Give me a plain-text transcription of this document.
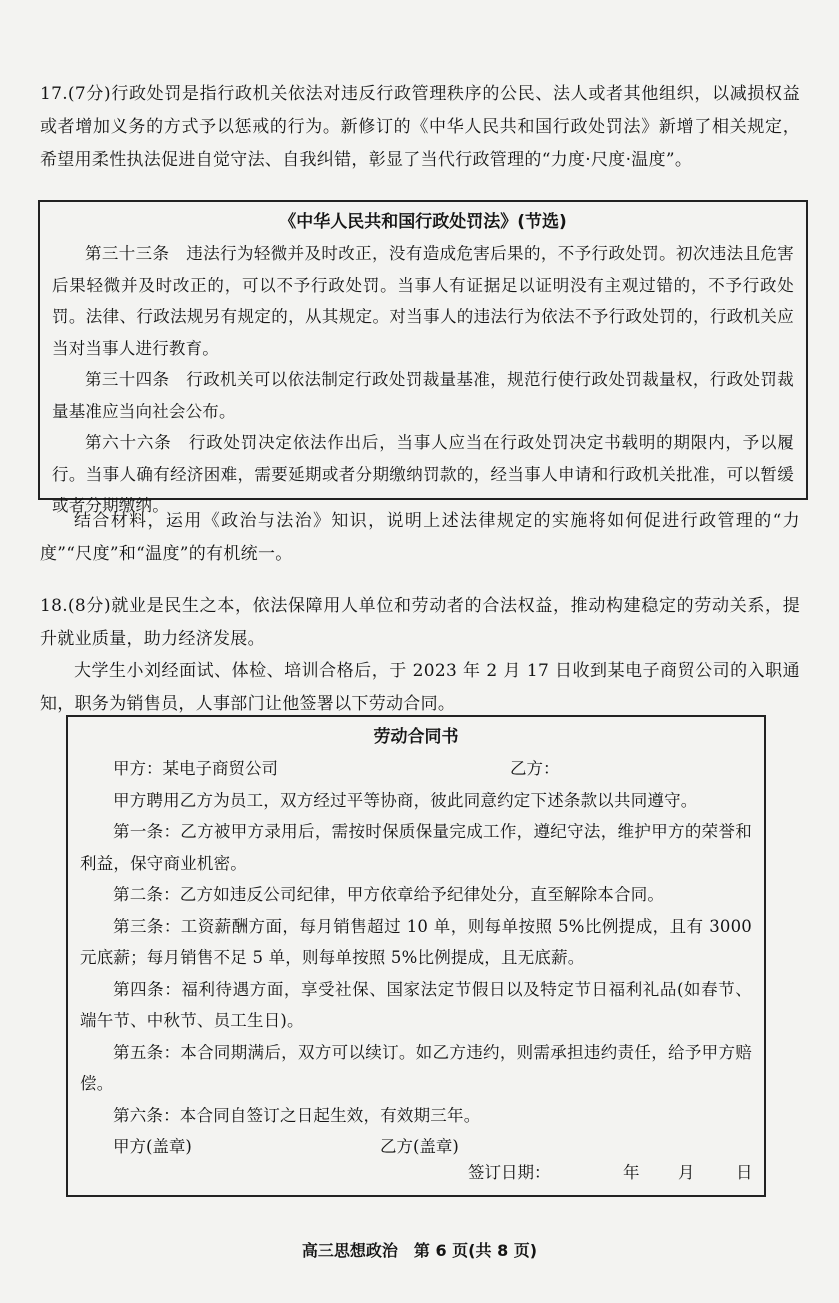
17.(7分)行政处罚是指行政机关依法对违反行政管理秩序的公民、法人或者其他组织，以减损权益或者增加义务的方式予以惩戒的行为。新修订的《中华人民共和国行政处罚法》新增了相关规定，希望用柔性执法促进自觉守法、自我纠错，彰显了当代行政管理的“力度·尺度·温度”。

《中华人民共和国行政处罚法》(节选)

第三十三条　违法行为轻微并及时改正，没有造成危害后果的，不予行政处罚。初次违法且危害后果轻微并及时改正的，可以不予行政处罚。当事人有证据足以证明没有主观过错的，不予行政处罚。法律、行政法规另有规定的，从其规定。对当事人的违法行为依法不予行政处罚的，行政机关应当对当事人进行教育。

第三十四条　行政机关可以依法制定行政处罚裁量基准，规范行使行政处罚裁量权，行政处罚裁量基准应当向社会公布。

第六十六条　行政处罚决定依法作出后，当事人应当在行政处罚决定书载明的期限内，予以履行。当事人确有经济困难，需要延期或者分期缴纳罚款的，经当事人申请和行政机关批准，可以暂缓或者分期缴纳。

结合材料，运用《政治与法治》知识，说明上述法律规定的实施将如何促进行政管理的“力度”“尺度”和“温度”的有机统一。

18.(8分)就业是民生之本，依法保障用人单位和劳动者的合法权益，推动构建稳定的劳动关系，提升就业质量，助力经济发展。

大学生小刘经面试、体检、培训合格后，于 2023 年 2 月 17 日收到某电子商贸公司的入职通知，职务为销售员，人事部门让他签署以下劳动合同。

劳动合同书
甲方：某电子商贸公司	乙方：

甲方聘用乙方为员工，双方经过平等协商，彼此同意约定下述条款以共同遵守。

第一条：乙方被甲方录用后，需按时保质保量完成工作，遵纪守法，维护甲方的荣誉和利益，保守商业机密。

第二条：乙方如违反公司纪律，甲方依章给予纪律处分，直至解除本合同。

第三条：工资薪酬方面，每月销售超过 10 单，则每单按照 5%比例提成，且有 3000 元底薪；每月销售不足 5 单，则每单按照 5%比例提成，且无底薪。

第四条：福利待遇方面，享受社保、国家法定节假日以及特定节日福利礼品(如春节、端午节、中秋节、员工生日)。

第五条：本合同期满后，双方可以续订。如乙方违约，则需承担违约责任，给予甲方赔偿。

第六条：本合同自签订之日起生效，有效期三年。

甲方(盖章)	乙方(盖章)
签订日期：	年 月	日
高三思想政治　第 6 页(共 8 页)
